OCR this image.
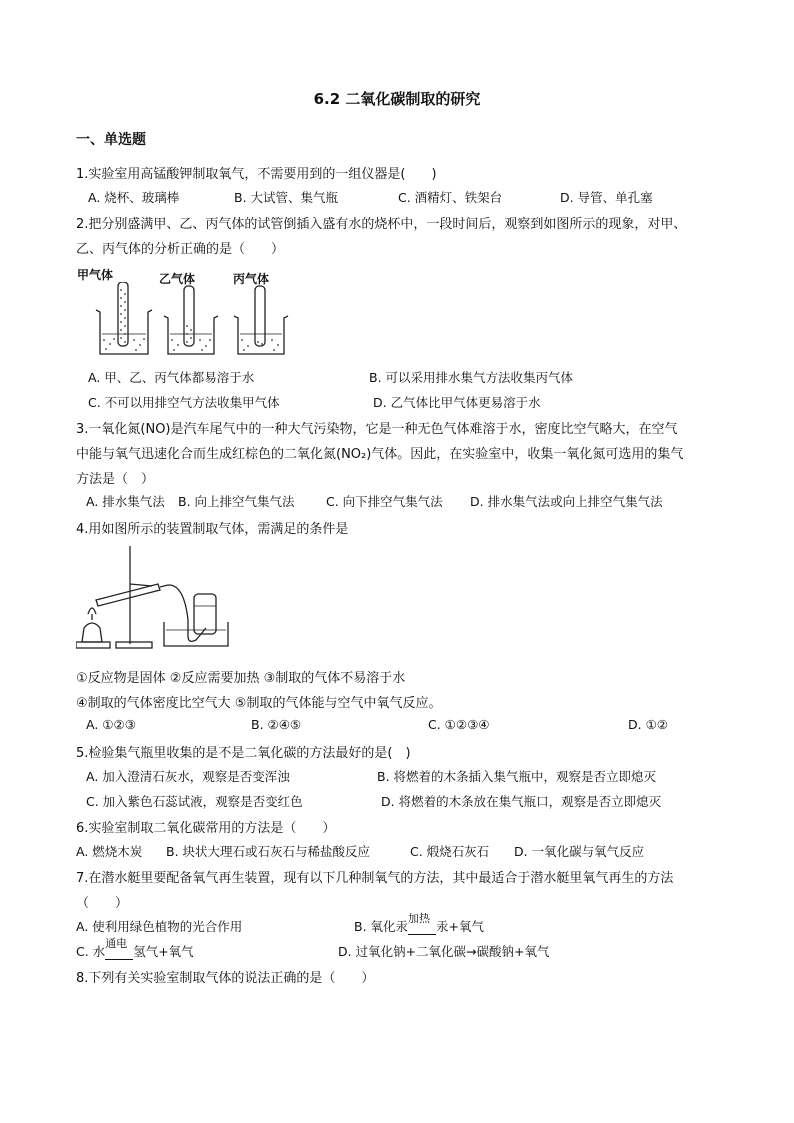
6.2 二氧化碳制取的研究
一、单选题
1.实验室用高锰酸钾制取氧气，不需要用到的一组仪器是(　　)
A. 烧杯、玻璃棒	B. 大试管、集气瓶	C. 酒精灯、铁架台	D. 导管、单孔塞
2.把分别盛满甲、乙、丙气体的试管倒插入盛有水的烧杯中，一段时间后，观察到如图所示的现象，对甲、
乙、丙气体的分析正确的是（　　）
甲气体	乙气体	丙气体
A. 甲、乙、丙气体都易溶于水	B. 可以采用排水集气方法收集丙气体
C. 不可以用排空气方法收集甲气体	D. 乙气体比甲气体更易溶于水
3.一氧化氮(NO)是汽车尾气中的一种大气污染物，它是一种无色气体难溶于水，密度比空气略大，在空气
中能与氧气迅速化合而生成红棕色的二氧化氮(NO₂)气体。因此，在实验室中，收集一氧化氮可选用的集气
方法是（　）
A. 排水集气法 B. 向上排空气集气法	C. 向下排空气集气法 D. 排水集气法或向上排空气集气法
4.用如图所示的装置制取气体，需满足的条件是
①反应物是固体 ②反应需要加热 ③制取的气体不易溶于水
④制取的气体密度比空气大 ⑤制取的气体能与空气中氧气反应。
A. ①②③	B. ②④⑤	C. ①②③④	D. ①②
5.检验集气瓶里收集的是不是二氧化碳的方法最好的是(　)
A. 加入澄清石灰水，观察是否变浑浊	B. 将燃着的木条插入集气瓶中，观察是否立即熄灭
C. 加入紫色石蕊试液，观察是否变红色	D. 将燃着的木条放在集气瓶口，观察是否立即熄灭
6.实验室制取二氧化碳常用的方法是（　　）
A. 燃烧木炭 B. 块状大理石或石灰石与稀盐酸反应	C. 煅烧石灰石 D. 一氧化碳与氧气反应
7.在潜水艇里要配备氧气再生装置，现有以下几种制氧气的方法，其中最适合于潜水艇里氧气再生的方法
（　　）
A. 使利用绿色植物的光合作用	B. 氧化汞
加热
汞+氧气
C. 水
通电
氢气+氧气	D. 过氧化钠+二氧化碳→碳酸钠+氧气
8.下列有关实验室制取气体的说法正确的是（　　）
